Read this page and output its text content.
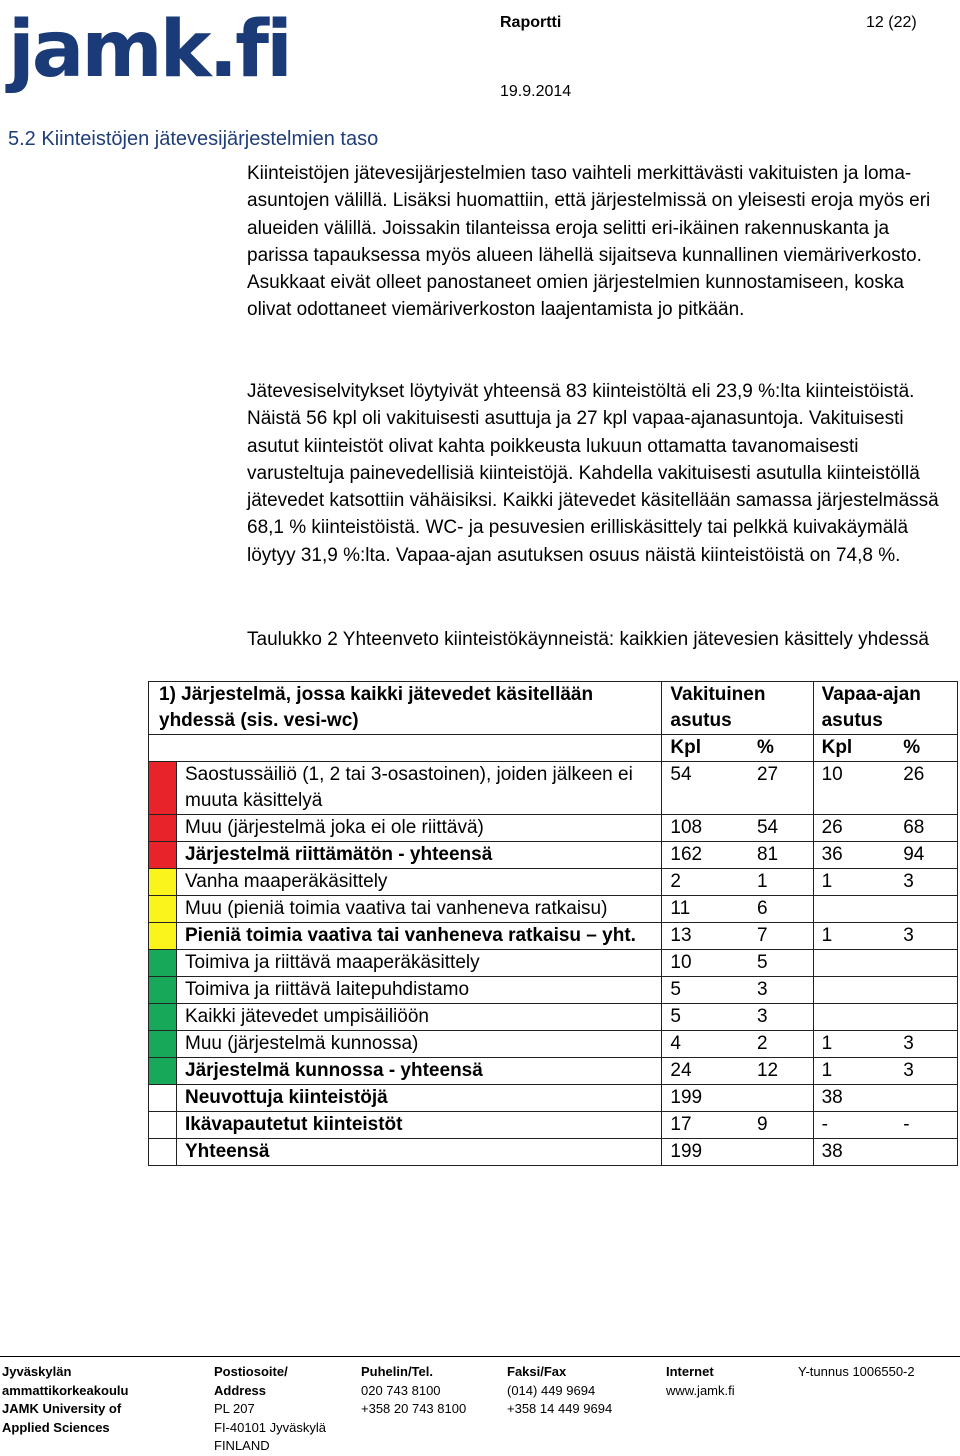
jamk.fi	Raportti	12 (22)
19.9.2014
5.2 Kiinteistöjen jätevesijärjestelmien taso

Kiinteistöjen jätevesijärjestelmien taso vaihteli merkittävästi vakituisten ja loma-asuntojen välillä. Lisäksi huomattiin, että järjestelmissä on yleisesti eroja myös eri alueiden välillä. Joissakin tilanteissa eroja selitti eri-ikäinen rakennuskanta ja parissa tapauksessa myös alueen lähellä sijaitseva kunnallinen viemäriverkosto. Asukkaat eivät olleet panostaneet omien järjestelmien kunnostamiseen, koska olivat odottaneet viemäriverkoston laajentamista jo pitkään.

Jätevesiselvitykset löytyivät yhteensä 83 kiinteistöltä eli 23,9 %:lta kiinteistöistä. Näistä 56 kpl oli vakituisesti asuttuja ja 27 kpl vapaa-ajanasuntoja. Vakituisesti asutut kiinteistöt olivat kahta poikkeusta lukuun ottamatta tavanomaisesti varusteltuja painevedellisiä kiinteistöjä. Kahdella vakituisesti asutulla kiinteistöllä jätevedet katsottiin vähäisiksi. Kaikki jätevedet käsitellään samassa järjestelmässä 68,1 % kiinteistöistä. WC- ja pesuvesien erilliskäsittely tai pelkkä kuivakäymälä löytyy 31,9 %:lta. Vapaa-ajan asutuksen osuus näistä kiinteistöistä on 74,8 %.

Taulukko 2 Yhteenveto kiinteistökäynneistä: kaikkien jätevesien käsittely yhdessä

1) Järjestelmä, jossa kaikki jätevedet käsitellään yhdessä (sis. vesi-wc)		Vakituinen asutus		Vapaa-ajan asutus	
		Kpl	%	Kpl	%
	Saostussäiliö (1, 2 tai 3-osastoinen), joiden jälkeen ei muuta käsittelyä	54	27	10	26
	Muu (järjestelmä joka ei ole riittävä)	108	54	26	68
	Järjestelmä riittämätön - yhteensä	162	81	36	94
	Vanha maaperäkäsittely	2	1	1	3
	Muu (pieniä toimia vaativa tai vanheneva ratkaisu)	11	6		
	Pieniä toimia vaativa tai vanheneva ratkaisu – yht.	13	7	1	3
	Toimiva ja riittävä maaperäkäsittely	10	5		
	Toimiva ja riittävä laitepuhdistamo	5	3		
	Kaikki jätevedet umpisäiliöön	5	3		
	Muu (järjestelmä kunnossa)	4	2	1	3
	Järjestelmä kunnossa - yhteensä	24	12	1	3
	Neuvottuja kiinteistöjä	199		38	
	Ikävapautetut kiinteistöt	17	9	-	-
	Yhteensä	199		38	
Jyväskylän
ammattikorkeakoulu
JAMK University of
Applied Sciences
Postiosoite/
Address
PL 207
FI-40101 Jyväskylä
FINLAND
Puhelin/Tel.
020 743 8100
+358 20 743 8100
Faksi/Fax
(014) 449 9694
+358 14 449 9694
Internet
www.jamk.fi
Y-tunnus 1006550-2
